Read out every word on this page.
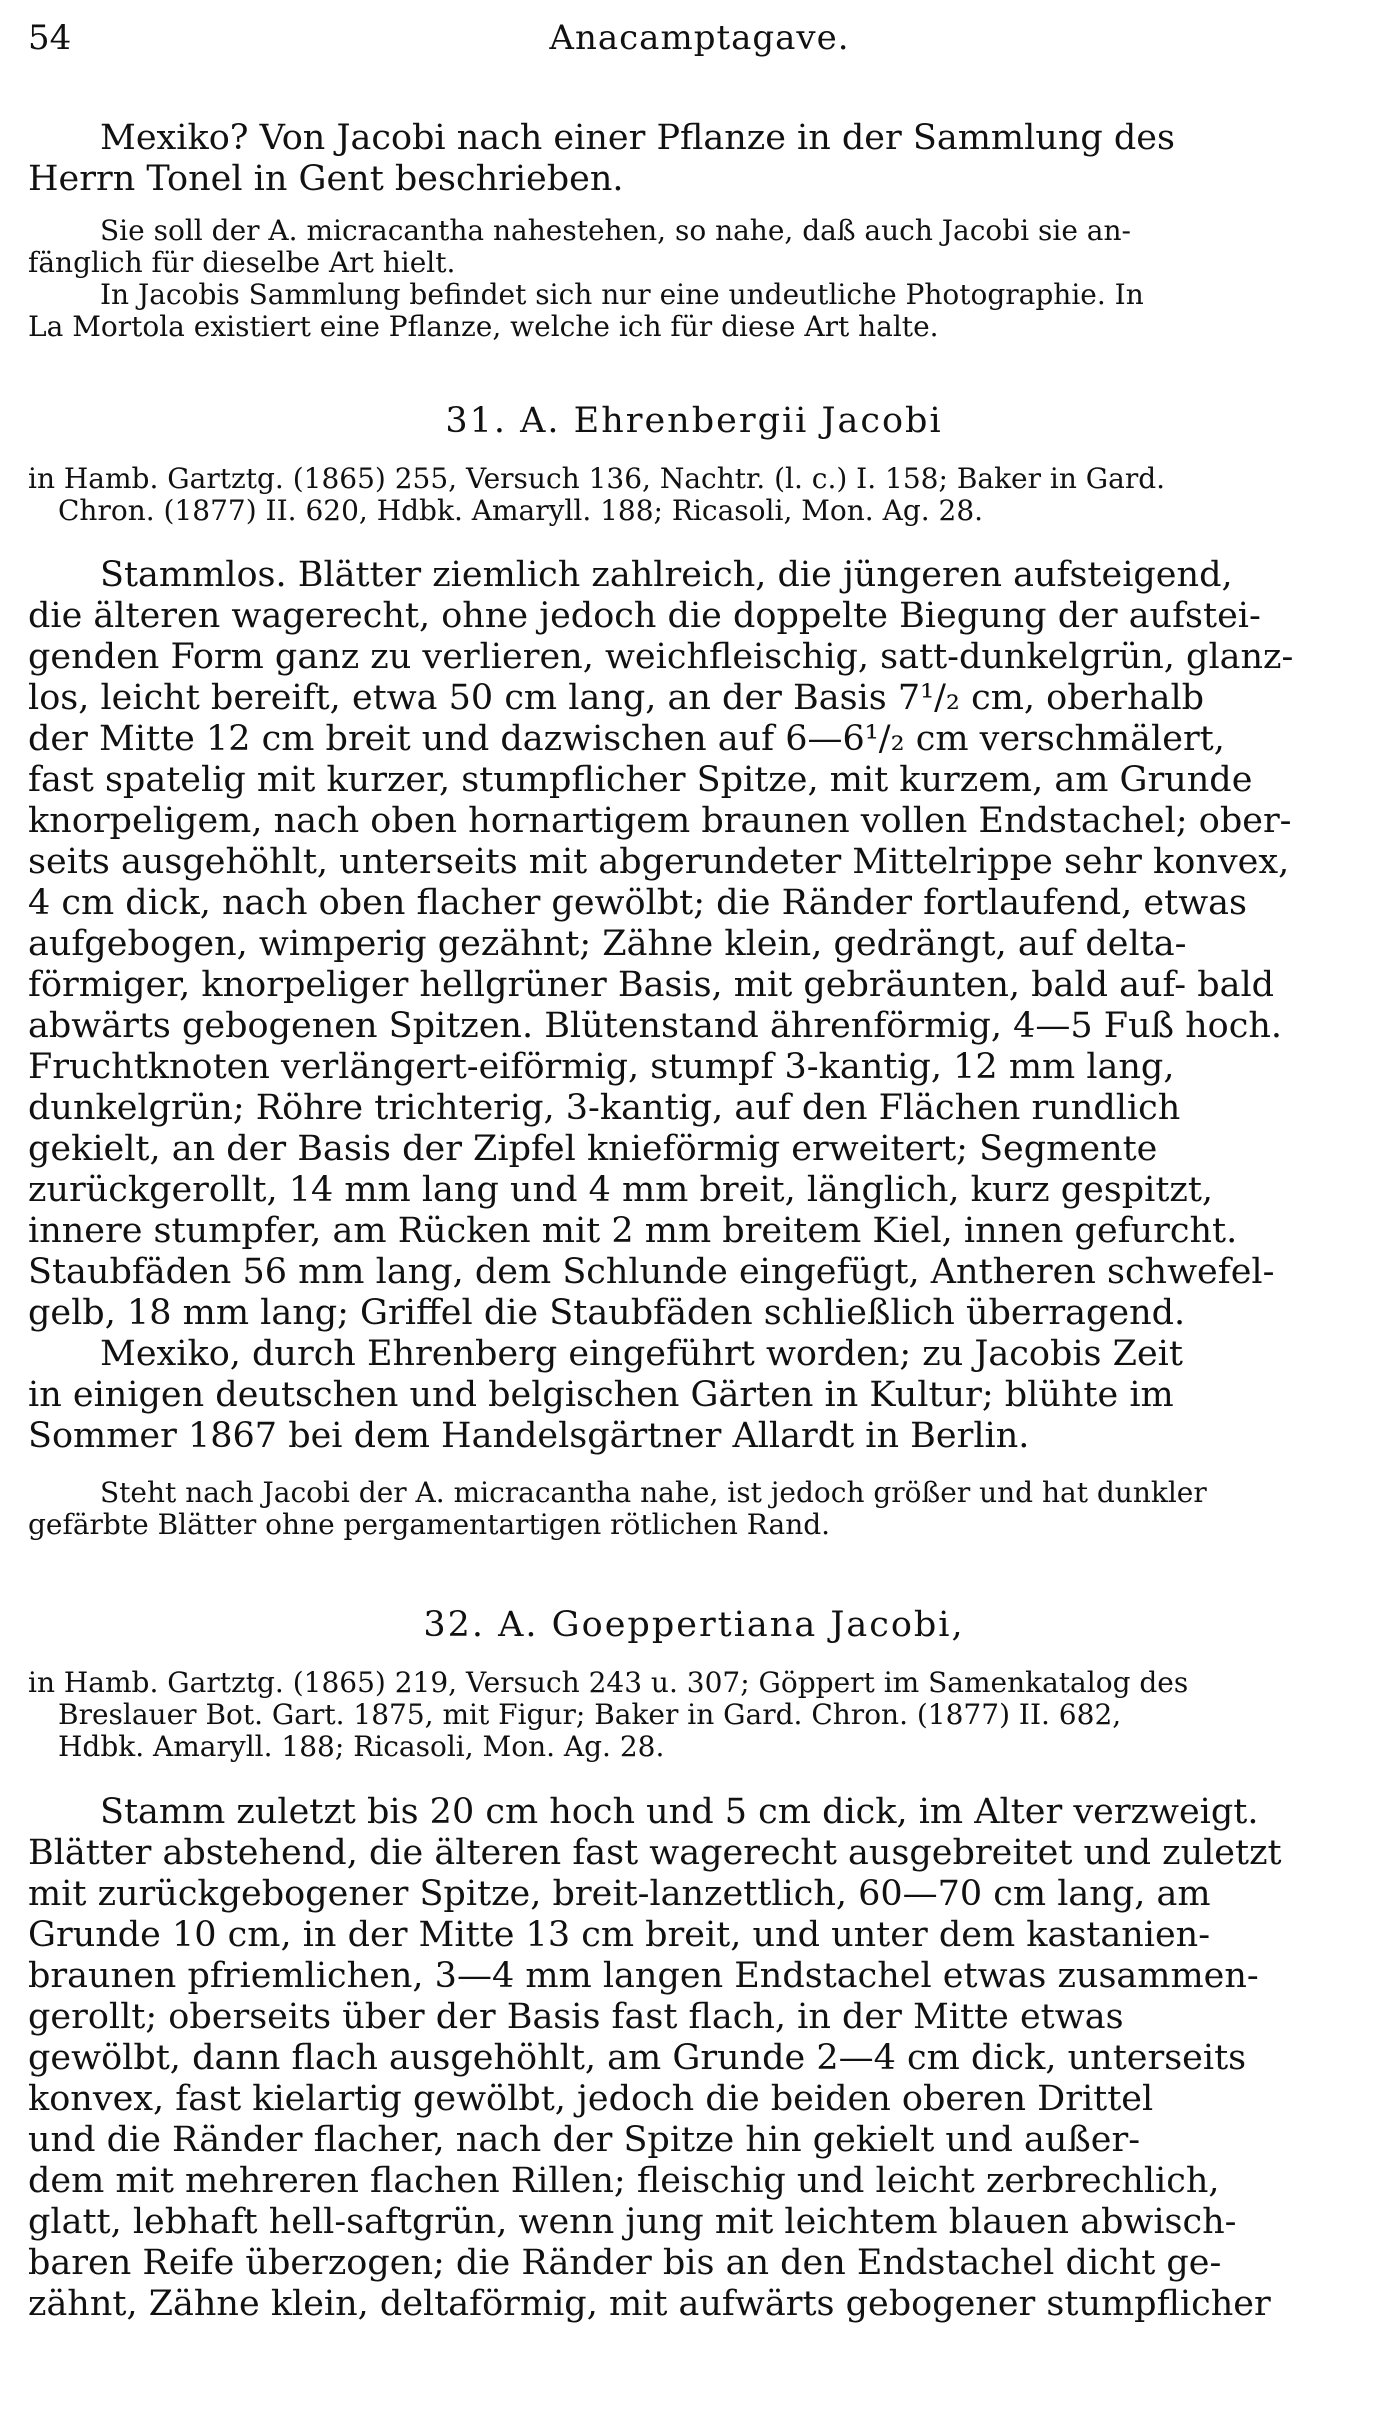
54	Anacamptagave.
Mexiko? Von Jacobi nach einer Pflanze in der Sammlung des
Herrn Tonel in Gent beschrieben.
Sie soll der A. micracantha nahestehen, so nahe, daß auch Jacobi sie an-
fänglich für dieselbe Art hielt.
In Jacobis Sammlung befindet sich nur eine undeutliche Photographie. In
La Mortola existiert eine Pflanze, welche ich für diese Art halte.
31. A. Ehrenbergii Jacobi
in Hamb. Gartztg. (1865) 255, Versuch 136, Nachtr. (l. c.) I. 158; Baker in Gard.
Chron. (1877) II. 620, Hdbk. Amaryll. 188; Ricasoli, Mon. Ag. 28.
Stammlos. Blätter ziemlich zahlreich, die jüngeren aufsteigend,
die älteren wagerecht, ohne jedoch die doppelte Biegung der aufstei-
genden Form ganz zu verlieren, weichfleischig, satt-dunkelgrün, glanz-
los, leicht bereift, etwa 50 cm lang, an der Basis 7¹/₂ cm, oberhalb
der Mitte 12 cm breit und dazwischen auf 6—6¹/₂ cm verschmälert,
fast spatelig mit kurzer, stumpflicher Spitze, mit kurzem, am Grunde
knorpeligem, nach oben hornartigem braunen vollen Endstachel; ober-
seits ausgehöhlt, unterseits mit abgerundeter Mittelrippe sehr konvex,
4 cm dick, nach oben flacher gewölbt; die Ränder fortlaufend, etwas
aufgebogen, wimperig gezähnt; Zähne klein, gedrängt, auf delta-
förmiger, knorpeliger hellgrüner Basis, mit gebräunten, bald auf- bald
abwärts gebogenen Spitzen. Blütenstand ährenförmig, 4—5 Fuß hoch.
Fruchtknoten verlängert-eiförmig, stumpf 3-kantig, 12 mm lang,
dunkelgrün; Röhre trichterig, 3-kantig, auf den Flächen rundlich
gekielt, an der Basis der Zipfel knieförmig erweitert; Segmente
zurückgerollt, 14 mm lang und 4 mm breit, länglich, kurz gespitzt,
innere stumpfer, am Rücken mit 2 mm breitem Kiel, innen gefurcht.
Staubfäden 56 mm lang, dem Schlunde eingefügt, Antheren schwefel-
gelb, 18 mm lang; Griffel die Staubfäden schließlich überragend.
Mexiko, durch Ehrenberg eingeführt worden; zu Jacobis Zeit
in einigen deutschen und belgischen Gärten in Kultur; blühte im
Sommer 1867 bei dem Handelsgärtner Allardt in Berlin.
Steht nach Jacobi der A. micracantha nahe, ist jedoch größer und hat dunkler
gefärbte Blätter ohne pergamentartigen rötlichen Rand.
32. A. Goeppertiana Jacobi,
in Hamb. Gartztg. (1865) 219, Versuch 243 u. 307; Göppert im Samenkatalog des
Breslauer Bot. Gart. 1875, mit Figur; Baker in Gard. Chron. (1877) II. 682,
Hdbk. Amaryll. 188; Ricasoli, Mon. Ag. 28.
Stamm zuletzt bis 20 cm hoch und 5 cm dick, im Alter verzweigt.
Blätter abstehend, die älteren fast wagerecht ausgebreitet und zuletzt
mit zurückgebogener Spitze, breit-lanzettlich, 60—70 cm lang, am
Grunde 10 cm, in der Mitte 13 cm breit, und unter dem kastanien-
braunen pfriemlichen, 3—4 mm langen Endstachel etwas zusammen-
gerollt; oberseits über der Basis fast flach, in der Mitte etwas
gewölbt, dann flach ausgehöhlt, am Grunde 2—4 cm dick, unterseits
konvex, fast kielartig gewölbt, jedoch die beiden oberen Drittel
und die Ränder flacher, nach der Spitze hin gekielt und außer-
dem mit mehreren flachen Rillen; fleischig und leicht zerbrechlich,
glatt, lebhaft hell-saftgrün, wenn jung mit leichtem blauen abwisch-
baren Reife überzogen; die Ränder bis an den Endstachel dicht ge-
zähnt, Zähne klein, deltaförmig, mit aufwärts gebogener stumpflicher
